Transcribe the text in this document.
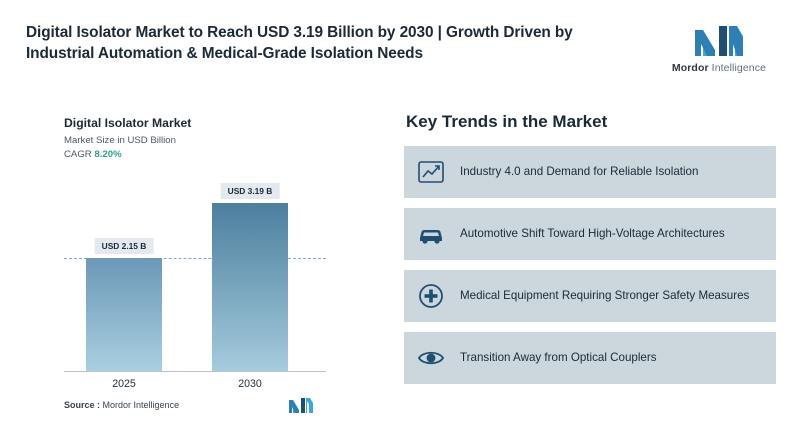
Digital Isolator Market to Reach USD 3.19 Billion by 2030 | Growth Driven by Industrial Automation & Medical-Grade Isolation Needs
Mordor Intelligence
Digital Isolator Market
Market Size in USD Billion
CAGR 8.20%
USD 2.15 B
USD 3.19 B
2025	2030
Source : Mordor Intelligence
Key Trends in the Market
Industry 4.0 and Demand for Reliable Isolation
Automotive Shift Toward High-Voltage Architectures
Medical Equipment Requiring Stronger Safety Measures
Transition Away from Optical Couplers
